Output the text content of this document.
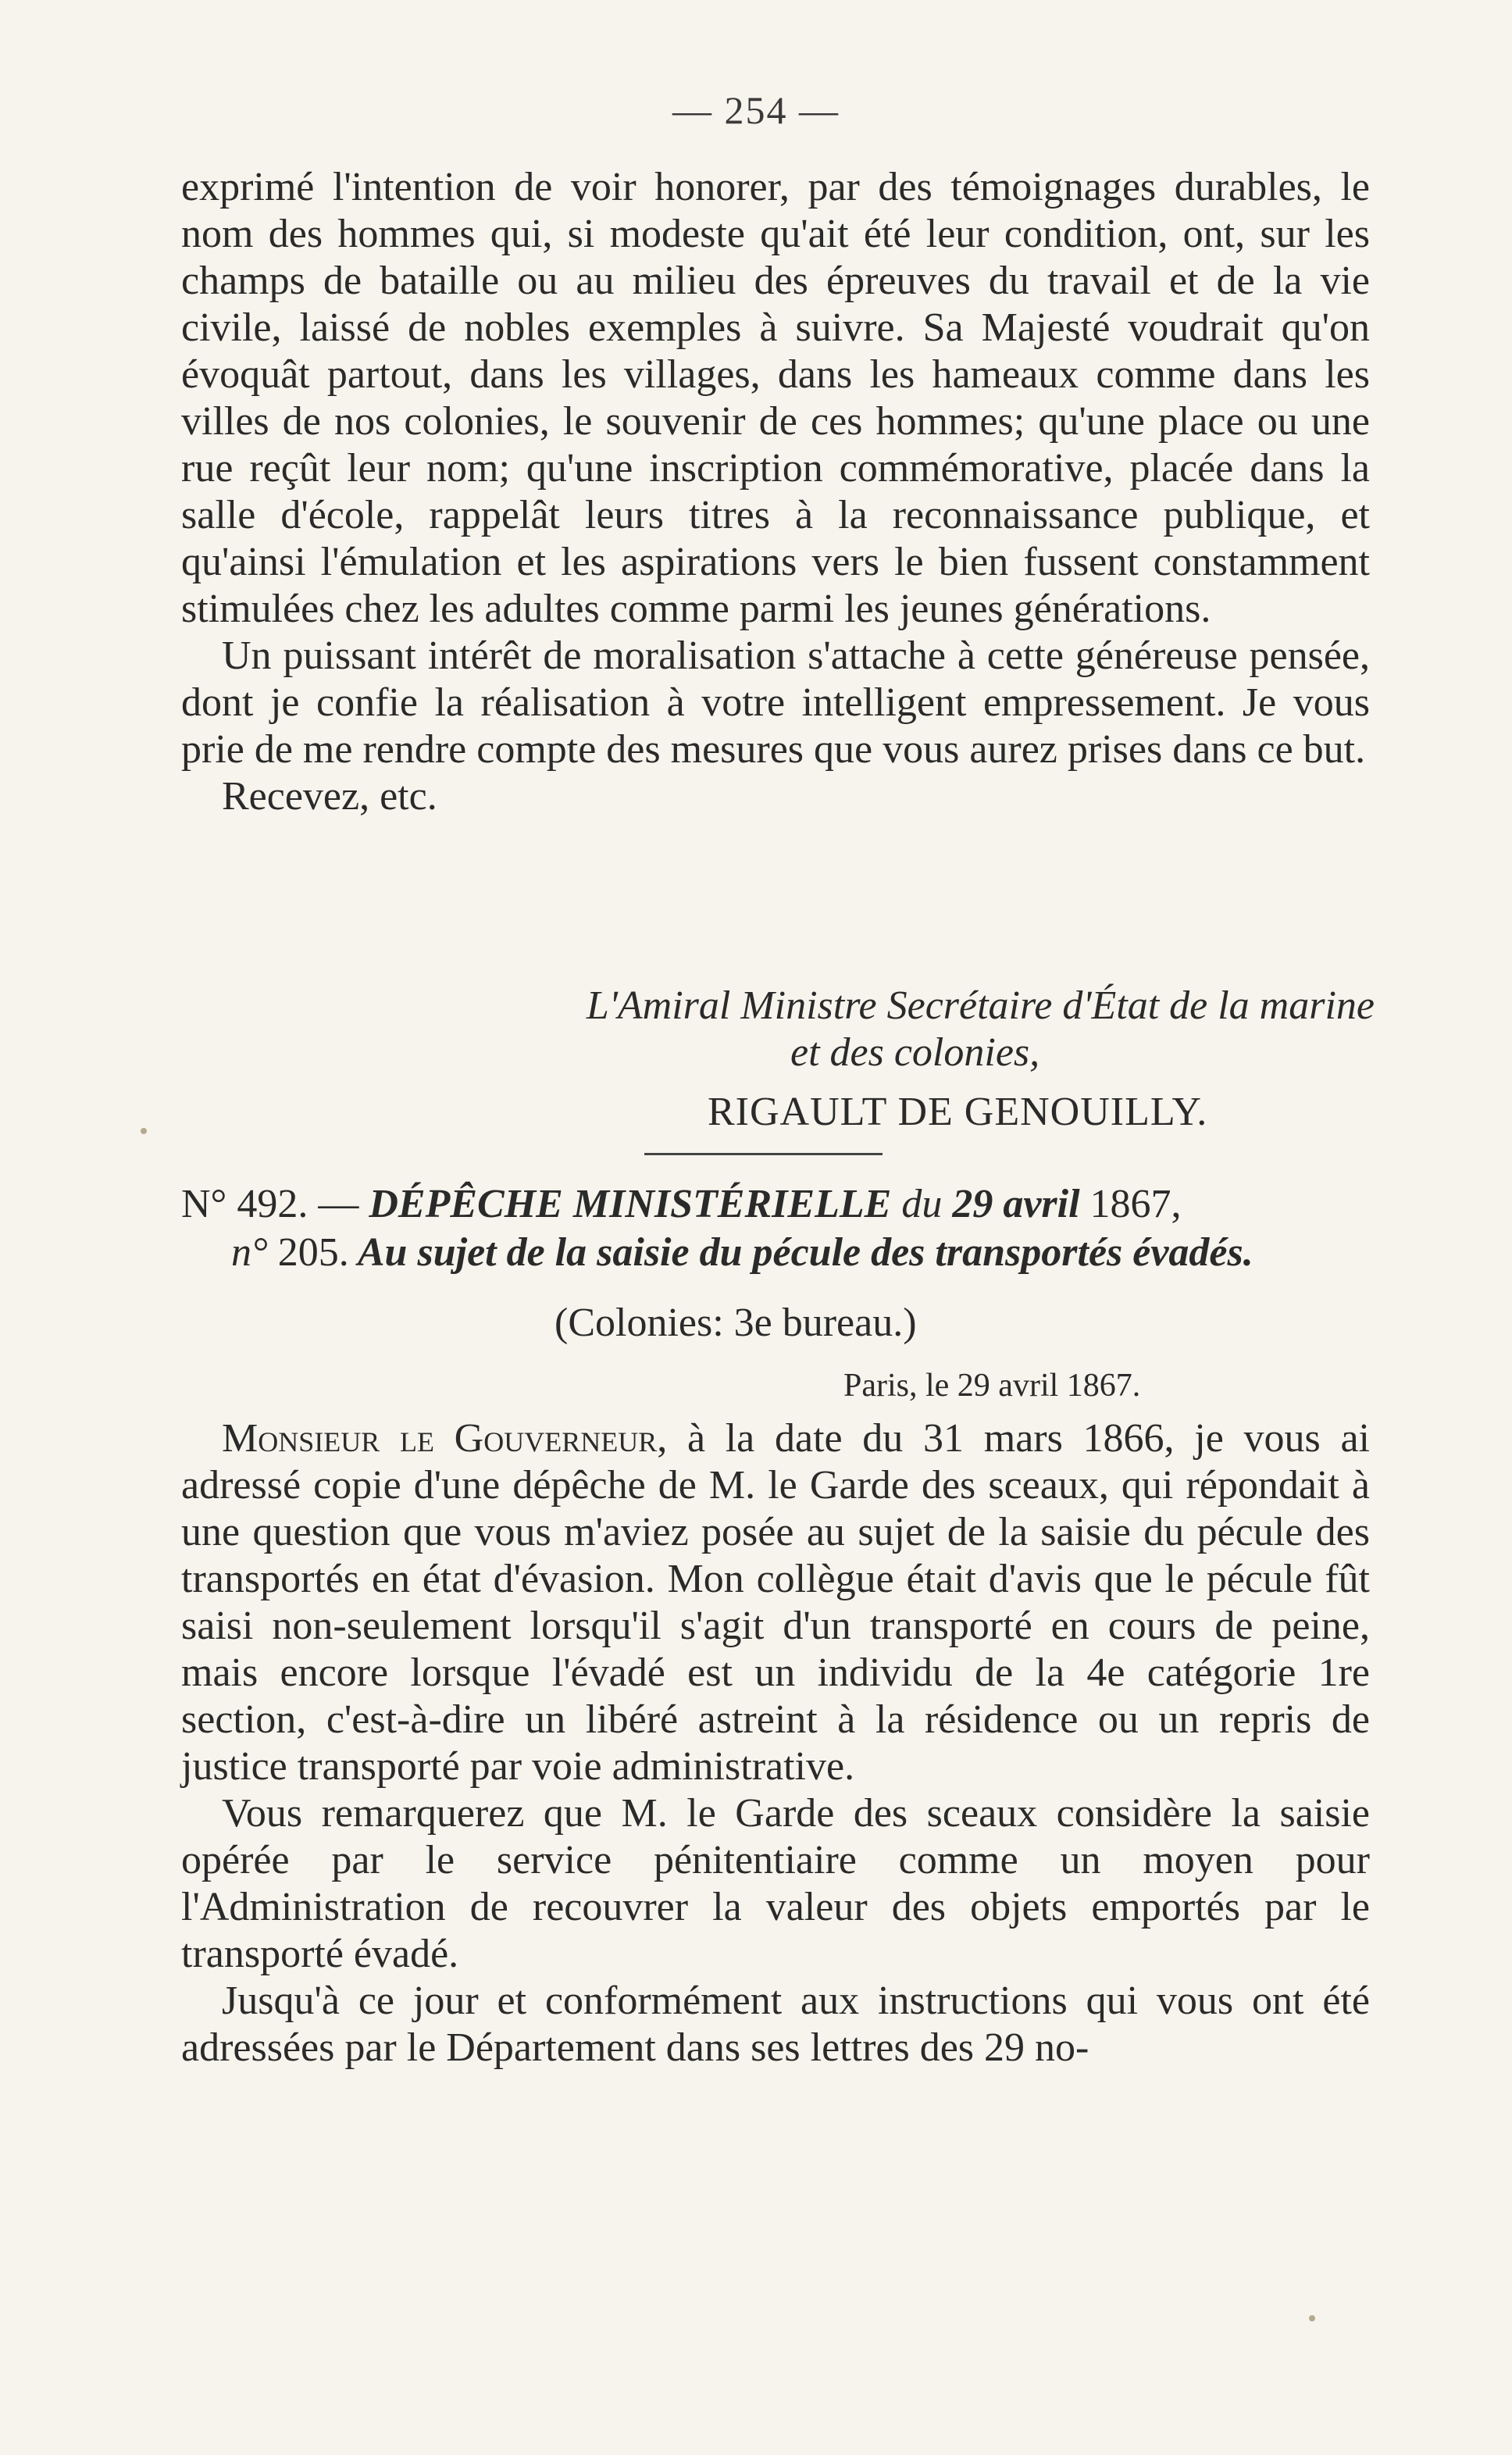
— 254 —

exprimé l'intention de voir honorer, par des témoignages durables, le nom des hommes qui, si modeste qu'ait été leur condition, ont, sur les champs de bataille ou au milieu des épreuves du travail et de la vie civile, laissé de nobles exemples à suivre. Sa Majesté voudrait qu'on évoquât partout, dans les villages, dans les hameaux comme dans les villes de nos colonies, le souvenir de ces hommes; qu'une place ou une rue reçût leur nom; qu'une inscription commémorative, placée dans la salle d'école, rappelât leurs titres à la reconnaissance publique, et qu'ainsi l'émulation et les aspirations vers le bien fussent constamment stimulées chez les adultes comme parmi les jeunes générations.

Un puissant intérêt de moralisation s'attache à cette généreuse pensée, dont je confie la réalisation à votre intelligent empressement. Je vous prie de me rendre compte des mesures que vous aurez prises dans ce but.

Recevez, etc.

L'Amiral Ministre Secrétaire d'État de la marine
et des colonies,
RIGAULT DE GENOUILLY.
N° 492. — DÉPÊCHE MINISTÉRIELLE du 29 avril 1867,
n° 205. Au sujet de la saisie du pécule des transportés évadés.
(Colonies: 3e bureau.)
Paris, le 29 avril 1867.

Monsieur le Gouverneur, à la date du 31 mars 1866, je vous ai adressé copie d'une dépêche de M. le Garde des sceaux, qui répondait à une question que vous m'aviez posée au sujet de la saisie du pécule des transportés en état d'évasion. Mon collègue était d'avis que le pécule fût saisi non-seulement lorsqu'il s'agit d'un transporté en cours de peine, mais encore lorsque l'évadé est un individu de la 4e catégorie 1re section, c'est-à-dire un libéré astreint à la résidence ou un repris de justice transporté par voie administrative.

Vous remarquerez que M. le Garde des sceaux considère la saisie opérée par le service pénitentiaire comme un moyen pour l'Administration de recouvrer la valeur des objets emportés par le transporté évadé.

Jusqu'à ce jour et conformément aux instructions qui vous ont été adressées par le Département dans ses lettres des 29 no-
